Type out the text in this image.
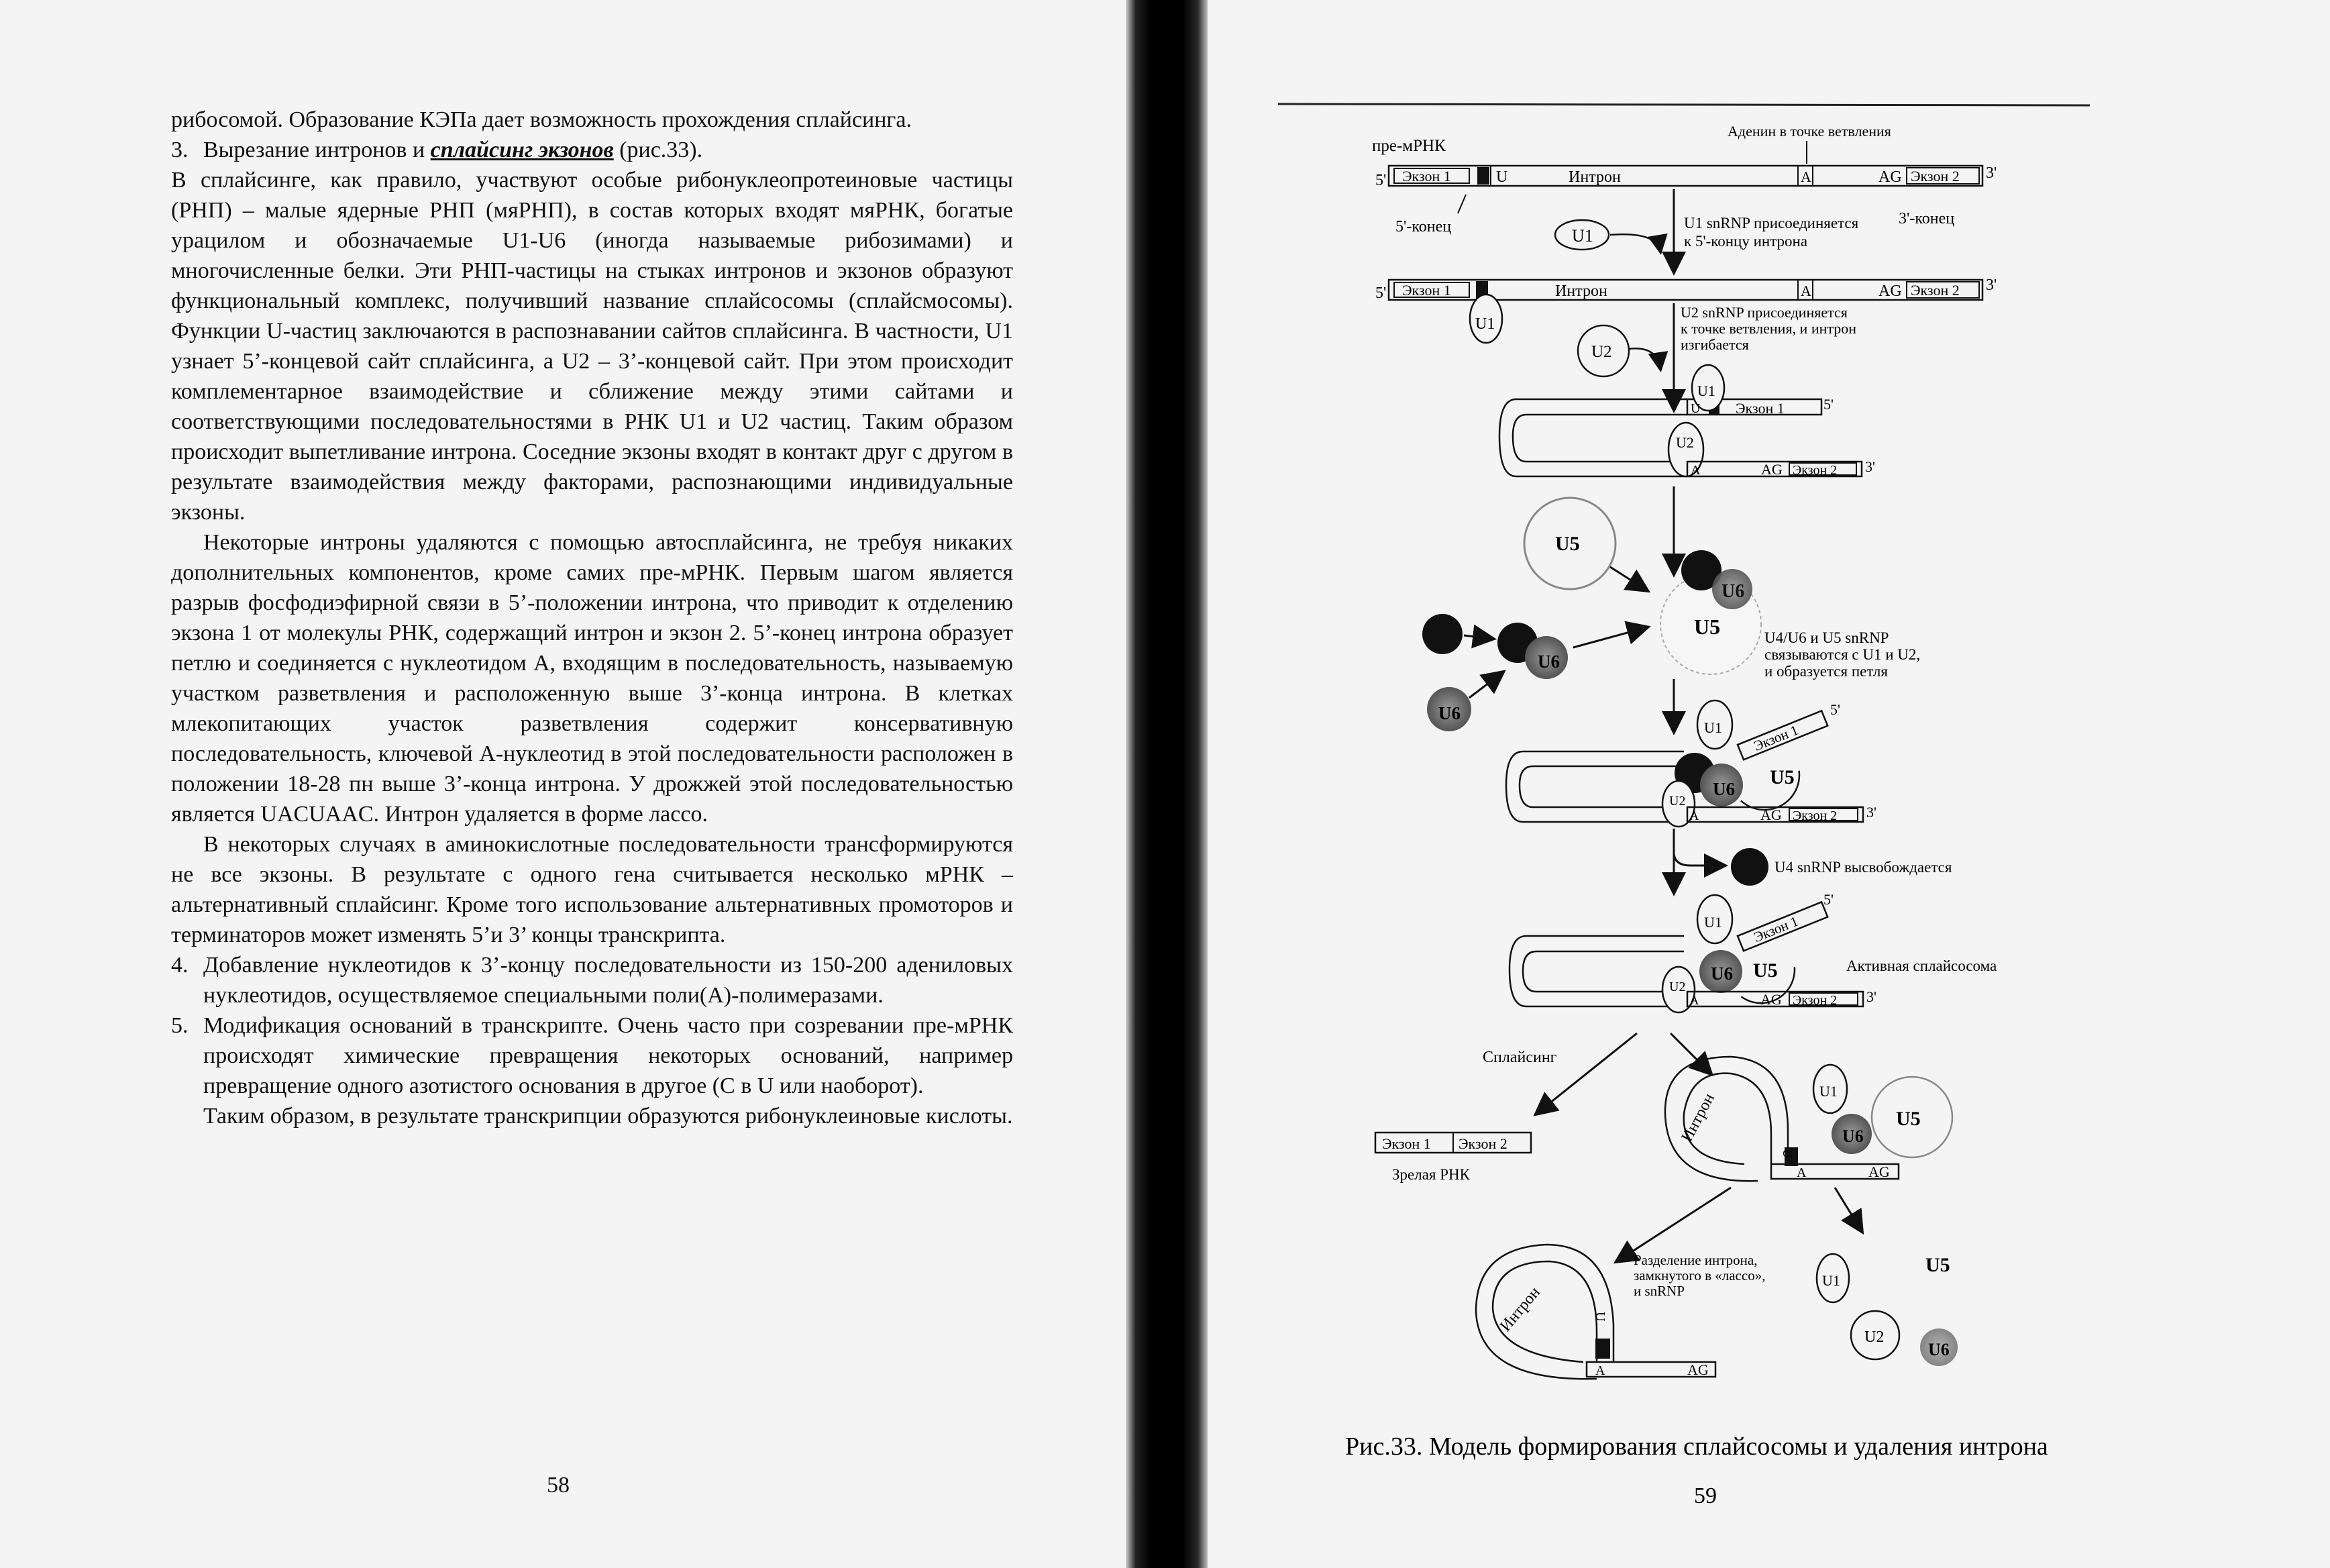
рибосомой. Образование КЭПа дает возможность прохождения сплайсинга.

3. Вырезание интронов и сплайсинг экзонов (рис.33).

В сплайсинге, как правило, участвуют особые рибонуклеопротеиновые частицы (РНП) – малые ядерные РНП (мяРНП), в состав которых входят мяРНК, богатые урацилом и обозначаемые U1-U6 (иногда называемые рибозимами) и многочисленные белки. Эти РНП-частицы на стыках интронов и экзонов образуют функциональный комплекс, получивший название сплайсосомы (сплайсмосомы). Функции U-частиц заключаются в распознавании сайтов сплайсинга. В частности, U1 узнает 5’-концевой сайт сплайсинга, а U2 – 3’-концевой сайт. При этом происходит комплементарное взаимодействие и сближение между этими сайтами и соответствующими последовательностями в РНК U1 и U2 частиц. Таким образом происходит выпетливание интрона. Соседние экзоны входят в контакт друг с другом в результате взаимодействия между факторами, распознающими индивидуальные экзоны.

Некоторые интроны удаляются с помощью автосплайсинга, не требуя никаких дополнительных компонентов, кроме самих пре-мРНК. Первым шагом является разрыв фосфодиэфирной связи в 5’-положении интрона, что приводит к отделению экзона 1 от молекулы РНК, содержащий интрон и экзон 2. 5’-конец интрона образует петлю и соединяется с нуклеотидом А, входящим в последовательность, называемую участком разветвления и расположенную выше 3’-конца интрона. В клетках млекопитающих участок разветвления содержит консервативную последовательность, ключевой А-нуклеотид в этой последовательности расположен в положении 18-28 пн выше 3’-конца интрона. У дрожжей этой последовательностью является UACUAAC. Интрон удаляется в форме лассо.

В некоторых случаях в аминокислотные последовательности трансформируются не все экзоны. В результате с одного гена считывается несколько мРНК – альтернативный сплайсинг. Кроме того использование альтернативных промоторов и терминаторов может изменять 5’и 3’ концы транскрипта.

4. Добавление нуклеотидов к 3’-концу последовательности из 150-200 адениловых нуклеотидов, осуществляемое специальными поли(А)-полимеразами.

5. Модификация оснований в транскрипте. Очень часто при созревании пре-мРНК происходят химические превращения некоторых оснований, например превращение одного азотистого основания в другое (С в U или наоборот).

Таким образом, в результате транскрипции образуются рибонуклеиновые кислоты.

58
пре-мРНК
Аденин в точке ветвления
5' Экзон 1	U	Интрон	A	AG Экзон 2 3'
5'-конец	3'-конец
U1
U1 snRNP присоединяется
к 5'-концу интрона
5' Экзон 1	Интрон	A	AG Экзон 2 3'
U1
U2
U2 snRNP присоединяется
к точке ветвления, и интрон
изгибается
U1
U Экзон 1	5'
U2
A	AG Экзон 2 3'
U5
U5
U6
U4/U6 и U5 snRNP
связываются с U1 и U2,
и образуется петля
U6
U6
U1 Экзон 1
5'
U6
U5
U2
A	AG Экзон 2 3'
U4 snRNP высвобождается
U1 Экзон 1
5'
U6 U5	Активная сплайсосома
U2
A	AG Экзон 2 3'
Сплайсинг
Экзон 1 Экзон 2
Зрелая РНК
Интрон
U
A	AG
U1
U6
U5
Разделение интрона,
замкнутого в «лассо»,
и snRNP
U1
U5
U2
U6
Интрон	U
A	AG
Рис.33. Модель формирования сплайсосомы и удаления интрона
59
